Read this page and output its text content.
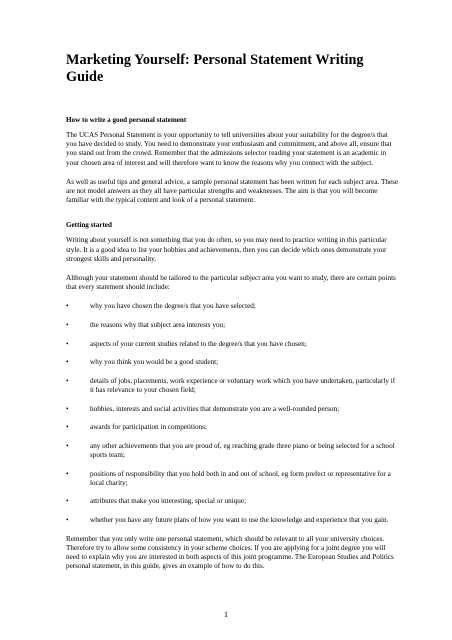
Marketing Yourself: Personal Statement Writing Guide
How to write a good personal statement

The UCAS Personal Statement is your opportunity to tell universities about your suitability for the degree/s that you have decided to study. You need to demonstrate your enthusiasm and commitment, and above all, ensure that you stand out from the crowd. Remember that the admissions selector reading your statement is an academic in your chosen area of interest and will therefore want to know the reasons why you connect with the subject.

As well as useful tips and general advice, a sample personal statement has been written for each subject area. These are not model answers as they all have particular strengths and weaknesses. The aim is that you will become familiar with the typical content and look of a personal statement.

Getting started

Writing about yourself is not something that you do often, so you may need to practice writing in this particular style. It is a good idea to list your hobbies and achievements, then you can decide which ones demonstrate your strongest skills and personality.

Although your statement should be tailored to the particular subject area you want to study, there are certain points that every statement should include:

•	why you have chosen the degree/s that you have selected;
•	the reasons why that subject area interests you;
•	aspects of your current studies related to the degree/s that you have chosen;
•	why you think you would be a good student;
•	details of jobs, placements, work experience or voluntary work which you have undertaken, particularly if it has relevance to your chosen field;
•	hobbies, interests and social activities that demonstrate you are a well-rounded person;
•	awards for participation in competitions;
•	any other achievements that you are proud of, eg reaching grade three piano or being selected for a school sports team;
•	positions of responsibility that you hold both in and out of school, eg form prefect or representative for a local charity;
•	attributes that make you interesting, special or unique;
•	whether you have any future plans of how you want to use the knowledge and experience that you gain.

Remember that you only write one personal statement, which should be relevant to all your university choices. Therefore try to allow some consistency in your scheme choices. If you are applying for a joint degree you will need to explain why you are interested in both aspects of this joint programme. The European Studies and Politics personal statement, in this guide, gives an example of how to do this.

1
